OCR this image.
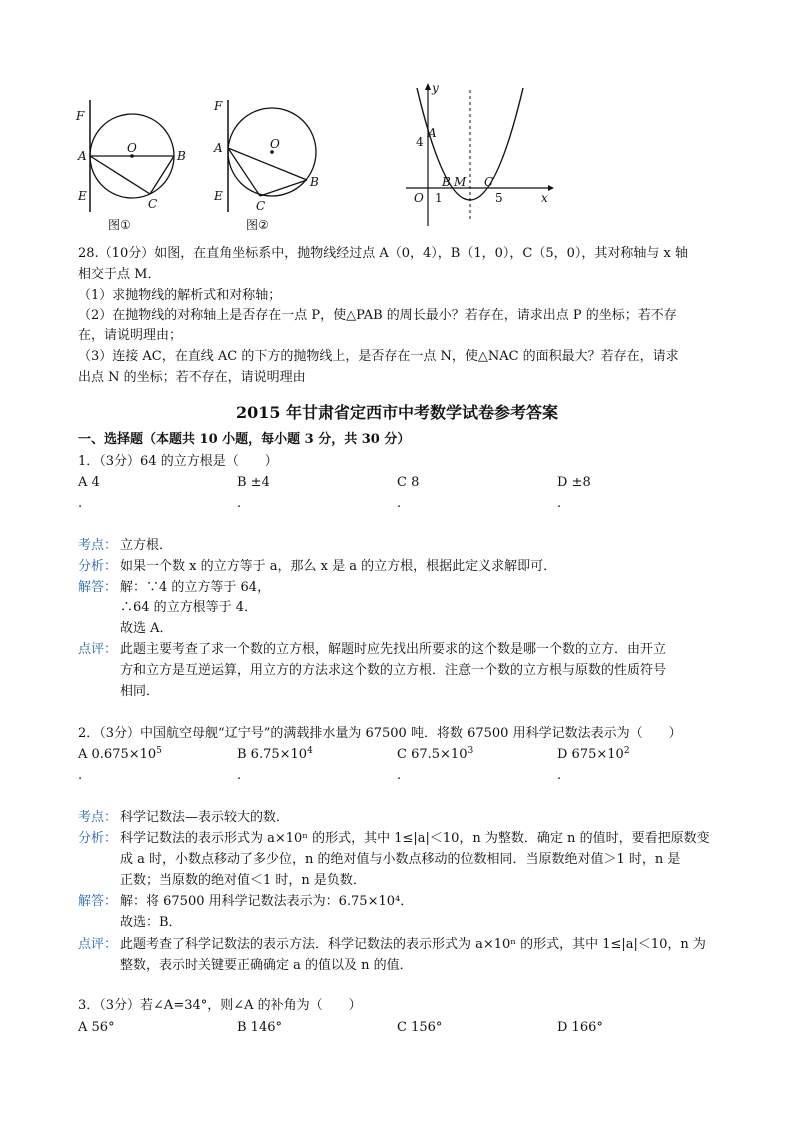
F
A
E
O
B
C
图①
F
A
E
O
B
C
图②
y
A
4
B M C
O 1	5	x
28.（10分）如图，在直角坐标系中，抛物线经过点 A（0，4），B（1，0），C（5，0），其对称轴与 x 轴
相交于点 M．
（1）求抛物线的解析式和对称轴；
（2）在抛物线的对称轴上是否存在一点 P，使△PAB 的周长最小？若存在，请求出点 P 的坐标；若不存
在，请说明理由；
（3）连接 AC，在直线 AC 的下方的抛物线上，是否存在一点 N，使△NAC 的面积最大？若存在，请求
出点 N 的坐标；若不存在，请说明理由
2015 年甘肃省定西市中考数学试卷参考答案
一、选择题（本题共 10 小题，每小题 3 分，共 30 分）
1．（3分）64 的立方根是（　　）
A 4	B ±4	C 8	D ±8
.	.	.	.
考点： 立方根．
分析： 如果一个数 x 的立方等于 a，那么 x 是 a 的立方根，根据此定义求解即可．
解答： 解：∵4 的立方等于 64，
∴64 的立方根等于 4．
故选 A．
点评： 此题主要考查了求一个数的立方根，解题时应先找出所要求的这个数是哪一个数的立方．由开立
方和立方是互逆运算，用立方的方法求这个数的立方根．注意一个数的立方根与原数的性质符号
相同．
2．（3分）中国航空母舰“辽宁号”的满载排水量为 67500 吨．将数 67500 用科学记数法表示为（　　）
A $0.675\times 10^5$	B $6.75\times 10^4$	C $67.5\times 10^3$	D $675\times 10^2$
.	.	.	.
考点： 科学记数法—表示较大的数．
分析： 科学记数法的表示形式为 a×10ⁿ 的形式，其中 1≤|a|＜10，n 为整数．确定 n 的值时，要看把原数变
成 a 时，小数点移动了多少位，n 的绝对值与小数点移动的位数相同．当原数绝对值＞1 时，n 是
正数；当原数的绝对值＜1 时，n 是负数．
解答： 解：将 67500 用科学记数法表示为：6.75×10⁴．
故选：B．
点评： 此题考查了科学记数法的表示方法．科学记数法的表示形式为 a×10ⁿ 的形式，其中 1≤|a|＜10，n 为
整数，表示时关键要正确确定 a 的值以及 n 的值．
3．（3分）若∠A=34°，则∠A 的补角为（　　）
A 56°	B 146°	C 156°	D 166°
